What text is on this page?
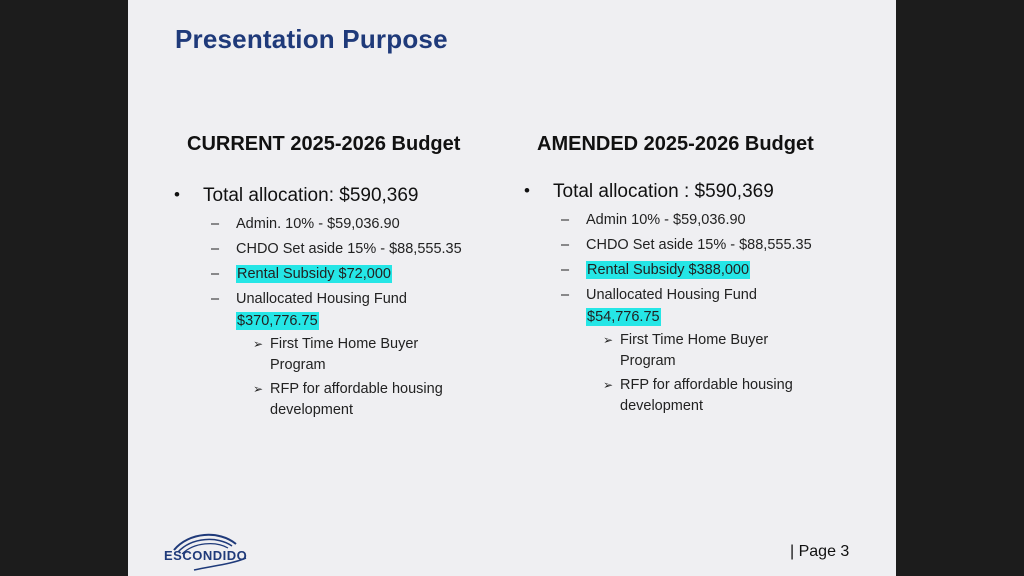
Presentation Purpose
CURRENT 2025-2026 Budget
• Total allocation: $590,369
– Admin. 10% - $59,036.90
– CHDO Set aside 15% - $88,555.35
– Rental Subsidy $72,000
– Unallocated Housing Fund
$370,776.75
➢ First Time Home Buyer Program
➢ RFP for affordable housing development
AMENDED 2025-2026 Budget
• Total allocation : $590,369
– Admin 10% - $59,036.90
– CHDO Set aside 15% - $88,555.35
– Rental Subsidy $388,000
– Unallocated Housing Fund
$54,776.75
➢ First Time Home Buyer Program
➢ RFP for affordable housing development
ESCONDIDO	| Page 3
